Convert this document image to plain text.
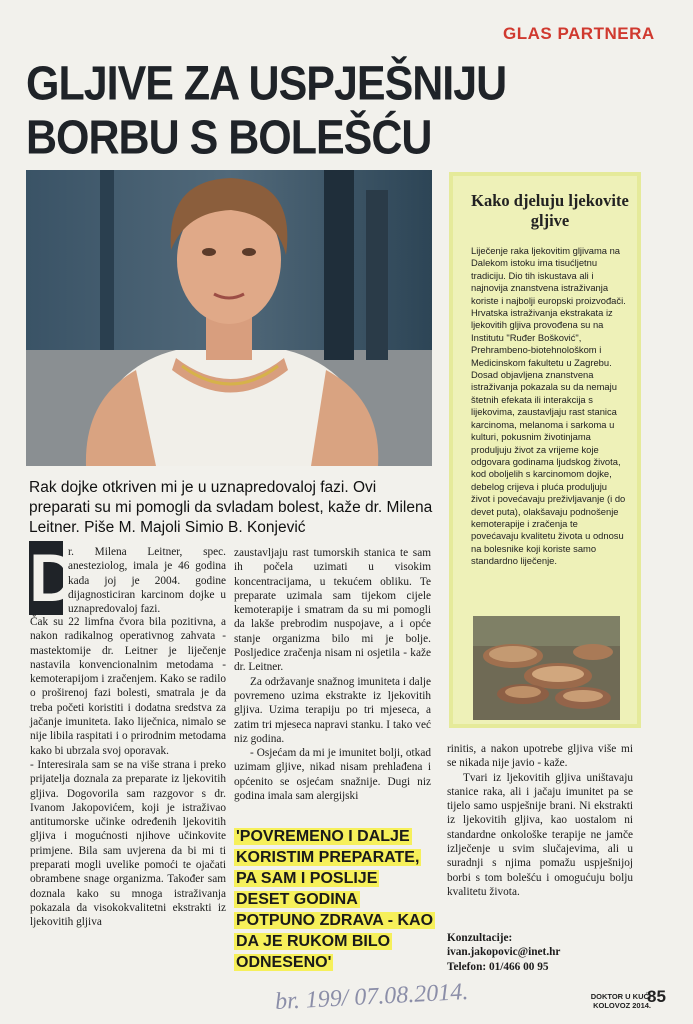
GLAS PARTNERA
GLJIVE ZA USPJEŠNIJU
BORBU S BOLEŠĆU
Rak dojke otkriven mi je u uznapredovaloj fazi. Ovi preparati su mi pomogli da svladam bolest, kaže dr. Milena Leitner. Piše M. Majoli Simio B. Konjević
D
r. Milena Leitner, spec. anesteziolog, imala je 46 godina kada joj je 2004. godine dijagnosticiran karcinom dojke u uznapredovaloj fazi.

Čak su 22 limfna čvora bila pozitivna, a nakon radikalnog operativnog zahvata - mastektomije dr. Leitner je liječenje nastavila konvencionalnim metodama - kemoterapijom i zračenjem. Kako se radilo o proširenoj fazi bolesti, smatrala je da treba početi koristiti i dodatna sredstva za jačanje imuniteta. Iako liječnica, nimalo se nije libila raspitati i o prirodnim metodama kako bi ubrzala svoj oporavak.

- Interesirala sam se na više strana i preko prijatelja doznala za preparate iz ljekovitih gljiva. Dogovorila sam razgovor s dr. Ivanom Jakopovićem, koji je istraživao antitumorske učinke određenih ljekovitih gljiva i mogućnosti njihove učinkovite primjene. Bila sam uvjerena da bi mi ti preparati mogli uvelike pomoći te ojačati obrambene snage organizma. Također sam doznala kako su mnoga istraživanja pokazala da visokokvalitetni ekstrakti iz ljekovitih gljiva

zaustavljaju rast tumorskih stanica te sam ih počela uzimati u visokim koncentracijama, u tekućem obliku. Te preparate uzimala sam tijekom cijele kemoterapije i smatram da su mi pomogli da lakše prebrodim nuspojave, a i opće stanje organizma bilo mi je bolje. Posljedice zračenja nisam ni osjetila - kaže dr. Leitner.

Za održavanje snažnog imuniteta i dalje povremeno uzima ekstrakte iz ljekovitih gljiva. Uzima terapiju po tri mjeseca, a zatim tri mjeseca napravi stanku. I tako već niz godina.

- Osjećam da mi je imunitet bolji, otkad uzimam gljive, nikad nisam prehlađena i općenito se osjećam snažnije. Dugi niz godina imala sam alergijski

'POVREMENO I DALJE KORISTIM PREPARATE, PA SAM I POSLIJE DESET GODINA POTPUNO ZDRAVA - KAO DA JE RUKOM BILO ODNESENO'

rinitis, a nakon upotrebe gljiva više mi se nikada nije javio - kaže.

Tvari iz ljekovitih gljiva uništavaju stanice raka, ali i jačaju imunitet pa se tijelo samo uspješnije brani. Ni ekstrakti iz ljekovitih gljiva, kao uostalom ni standardne onkološke terapije ne jamče izlječenje u svim slučajevima, ali u suradnji s njima pomažu uspješnijoj borbi s tom bolešću i omogućuju bolju kvalitetu života.

Konzultacije:
ivan.jakopovic@inet.hr
Telefon: 01/466 00 95
Kako djeluju ljekovite gljive
Liječenje raka ljekovitim gljivama na Dalekom istoku ima tisućljetnu tradiciju. Dio tih iskustava ali i najnovija znanstvena istraživanja koriste i najbolji europski proizvođači. Hrvatska istraživanja ekstrakata iz ljekovitih gljiva provođena su na Institutu "Ruđer Bošković", Prehrambeno-biotehnološkom i Medicinskom fakultetu u Zagrebu. Dosad objavljena znanstvena istraživanja pokazala su da nemaju štetnih efekata ili interakcija s lijekovima, zaustavljaju rast stanica karcinoma, melanoma i sarkoma u kulturi, pokusnim životinjama produljuju život za vrijeme koje odgovara godinama ljudskog života, kod oboljelih s karcinomom dojke, debelog crijeva i pluća produljuju život i povećavaju preživljavanje (i do devet puta), olakšavaju podnošenje kemoterapije i zračenja te povećavaju kvalitetu života u odnosu na bolesnike koji koriste samo standardno liječenje.
br. 199/ 07.08.2014.	DOKTOR U KUĆI
KOLOVOZ 2014.
85
